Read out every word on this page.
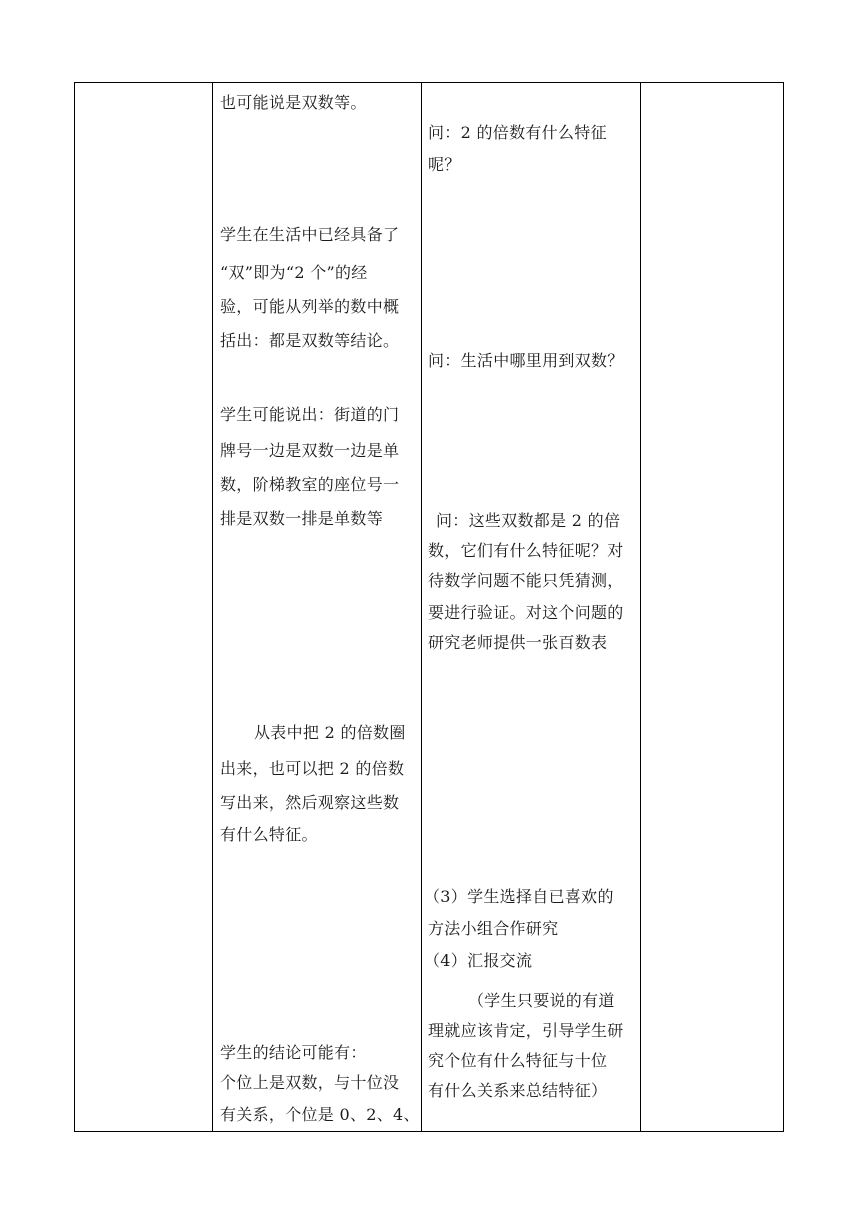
也可能说是双数等。
学生在生活中已经具备了
“双”即为“2 个”的经
验，可能从列举的数中概
括出：都是双数等结论。
学生可能说出：街道的门
牌号一边是双数一边是单
数，阶梯教室的座位号一
排是双数一排是单数等
从表中把 2 的倍数圈
出来，也可以把 2 的倍数
写出来，然后观察这些数
有什么特征。
学生的结论可能有：
个位上是双数，与十位没
有关系，个位是 0、2、4、
问：2 的倍数有什么特征
呢？
问：生活中哪里用到双数？
问：这些双数都是 2 的倍
数，它们有什么特征呢？对
待数学问题不能只凭猜测，
要进行验证。对这个问题的
研究老师提供一张百数表
（3）学生选择自已喜欢的
方法小组合作研究
（4）汇报交流
（学生只要说的有道
理就应该肯定，引导学生研
究个位有什么特征与十位
有什么关系来总结特征）
